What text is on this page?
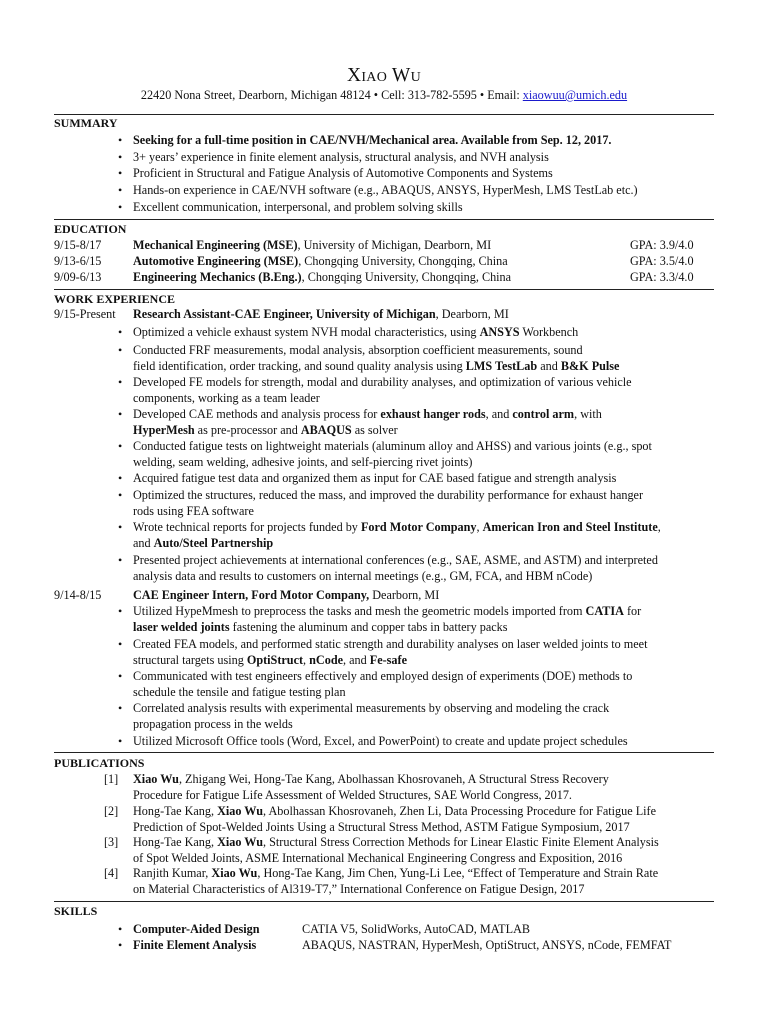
Xiao Wu
22420 Nona Street, Dearborn, Michigan 48124 • Cell: 313-782-5595 • Email: xiaowuu@umich.edu
SUMMARY
• Seeking for a full-time position in CAE/NVH/Mechanical area. Available from Sep. 12, 2017.
• 3+ years’ experience in finite element analysis, structural analysis, and NVH analysis
• Proficient in Structural and Fatigue Analysis of Automotive Components and Systems
• Hands-on experience in CAE/NVH software (e.g., ABAQUS, ANSYS, HyperMesh, LMS TestLab etc.)
• Excellent communication, interpersonal, and problem solving skills
EDUCATION
9/15-8/17	Mechanical Engineering (MSE), University of Michigan, Dearborn, MI	GPA: 3.9/4.0
9/13-6/15	Automotive Engineering (MSE), Chongqing University, Chongqing, China	GPA: 3.5/4.0
9/09-6/13	Engineering Mechanics (B.Eng.), Chongqing University, Chongqing, China	GPA: 3.3/4.0
WORK EXPERIENCE
9/15-Present Research Assistant-CAE Engineer, University of Michigan, Dearborn, MI
• Optimized a vehicle exhaust system NVH modal characteristics, using ANSYS Workbench
• Conducted FRF measurements, modal analysis, absorption coefficient measurements, sound
field identification, order tracking, and sound quality analysis using LMS TestLab and B&K Pulse
• Developed FE models for strength, modal and durability analyses, and optimization of various vehicle
components, working as a team leader
• Developed CAE methods and analysis process for exhaust hanger rods, and control arm, with
HyperMesh as pre-processor and ABAQUS as solver
• Conducted fatigue tests on lightweight materials (aluminum alloy and AHSS) and various joints (e.g., spot
welding, seam welding, adhesive joints, and self-piercing rivet joints)
• Acquired fatigue test data and organized them as input for CAE based fatigue and strength analysis
• Optimized the structures, reduced the mass, and improved the durability performance for exhaust hanger
rods using FEA software
• Wrote technical reports for projects funded by Ford Motor Company, American Iron and Steel Institute,
and Auto/Steel Partnership
• Presented project achievements at international conferences (e.g., SAE, ASME, and ASTM) and interpreted
analysis data and results to customers on internal meetings (e.g., GM, FCA, and HBM nCode)
9/14-8/15	CAE Engineer Intern, Ford Motor Company, Dearborn, MI
• Utilized HypeMmesh to preprocess the tasks and mesh the geometric models imported from CATIA for
laser welded joints fastening the aluminum and copper tabs in battery packs
• Created FEA models, and performed static strength and durability analyses on laser welded joints to meet
structural targets using OptiStruct, nCode, and Fe-safe
• Communicated with test engineers effectively and employed design of experiments (DOE) methods to
schedule the tensile and fatigue testing plan
• Correlated analysis results with experimental measurements by observing and modeling the crack
propagation process in the welds
• Utilized Microsoft Office tools (Word, Excel, and PowerPoint) to create and update project schedules
PUBLICATIONS
[1] Xiao Wu, Zhigang Wei, Hong-Tae Kang, Abolhassan Khosrovaneh, A Structural Stress Recovery
Procedure for Fatigue Life Assessment of Welded Structures, SAE World Congress, 2017.
[2] Hong-Tae Kang, Xiao Wu, Abolhassan Khosrovaneh, Zhen Li, Data Processing Procedure for Fatigue Life
Prediction of Spot-Welded Joints Using a Structural Stress Method, ASTM Fatigue Symposium, 2017
[3] Hong-Tae Kang, Xiao Wu, Structural Stress Correction Methods for Linear Elastic Finite Element Analysis
of Spot Welded Joints, ASME International Mechanical Engineering Congress and Exposition, 2016
[4] Ranjith Kumar, Xiao Wu, Hong-Tae Kang, Jim Chen, Yung-Li Lee, “Effect of Temperature and Strain Rate
on Material Characteristics of Al319-T7,” International Conference on Fatigue Design, 2017
SKILLS
• Computer-Aided Design	CATIA V5, SolidWorks, AutoCAD, MATLAB
• Finite Element Analysis	ABAQUS, NASTRAN, HyperMesh, OptiStruct, ANSYS, nCode, FEMFAT
